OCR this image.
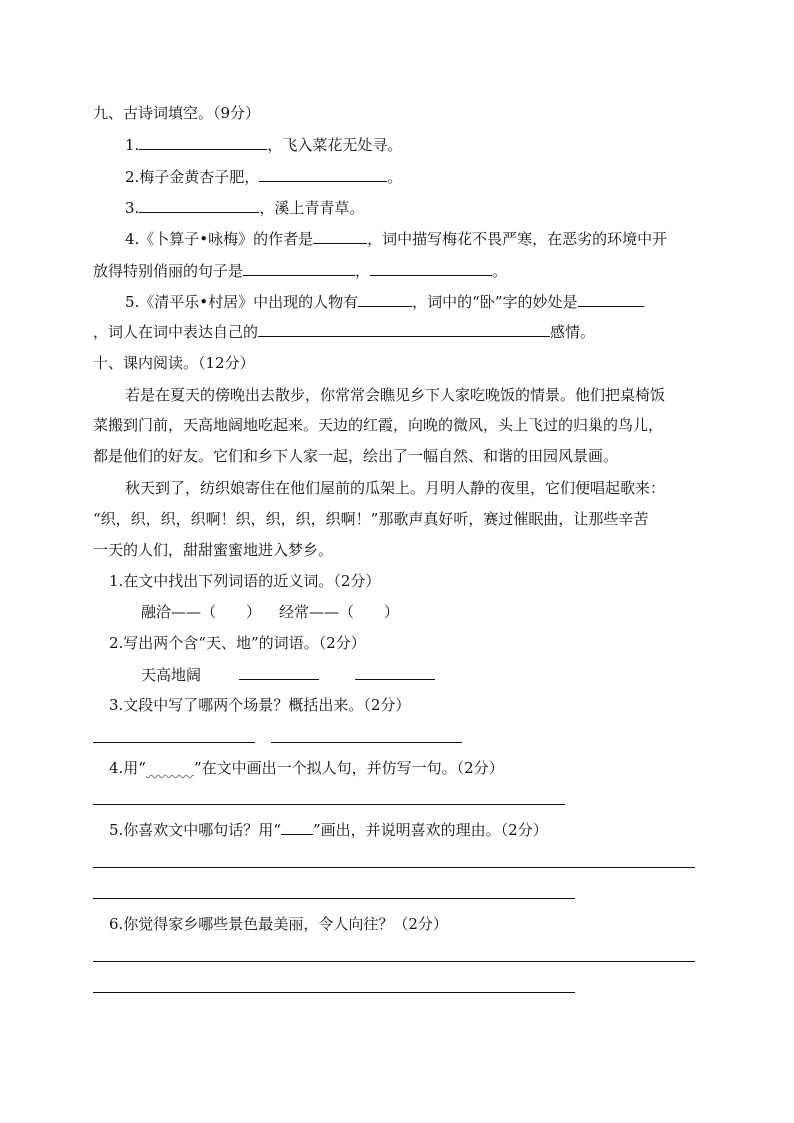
九、古诗词填空。（9分）
1.	，飞入菜花无处寻。
2.梅子金黄杏子肥，	。
3.	，溪上青青草。
4.《卜算子•咏梅》的作者是	，词中描写梅花不畏严寒，在恶劣的环境中开
放得特别俏丽的句子是	，	。
5.《清平乐•村居》中出现的人物有	，词中的“卧”字的妙处是
，词人在词中表达自己的	感情。
十、课内阅读。（12分）
若是在夏天的傍晚出去散步，你常常会瞧见乡下人家吃晚饭的情景。他们把桌椅饭
菜搬到门前，天高地阔地吃起来。天边的红霞，向晚的微风，头上飞过的归巢的鸟儿，
都是他们的好友。它们和乡下人家一起，绘出了一幅自然、和谐的田园风景画。
秋天到了，纺织娘寄住在他们屋前的瓜架上。月明人静的夜里，它们便唱起歌来：
“织，织，织，织啊！织，织，织，织啊！”那歌声真好听，赛过催眠曲，让那些辛苦
一天的人们，甜甜蜜蜜地进入梦乡。
1.在文中找出下列词语的近义词。（2分）
融洽——（　　） 经常——（　　）
2.写出两个含“天、地”的词语。（2分）
天高地阔
3.文段中写了哪两个场景？概括出来。（2分）
4.用“～～～”在文中画出一个拟人句，并仿写一句。（2分）
5.你喜欢文中哪句话？用“ ”画出，并说明喜欢的理由。（2分）
6.你觉得家乡哪些景色最美丽，令人向往？（2分）
